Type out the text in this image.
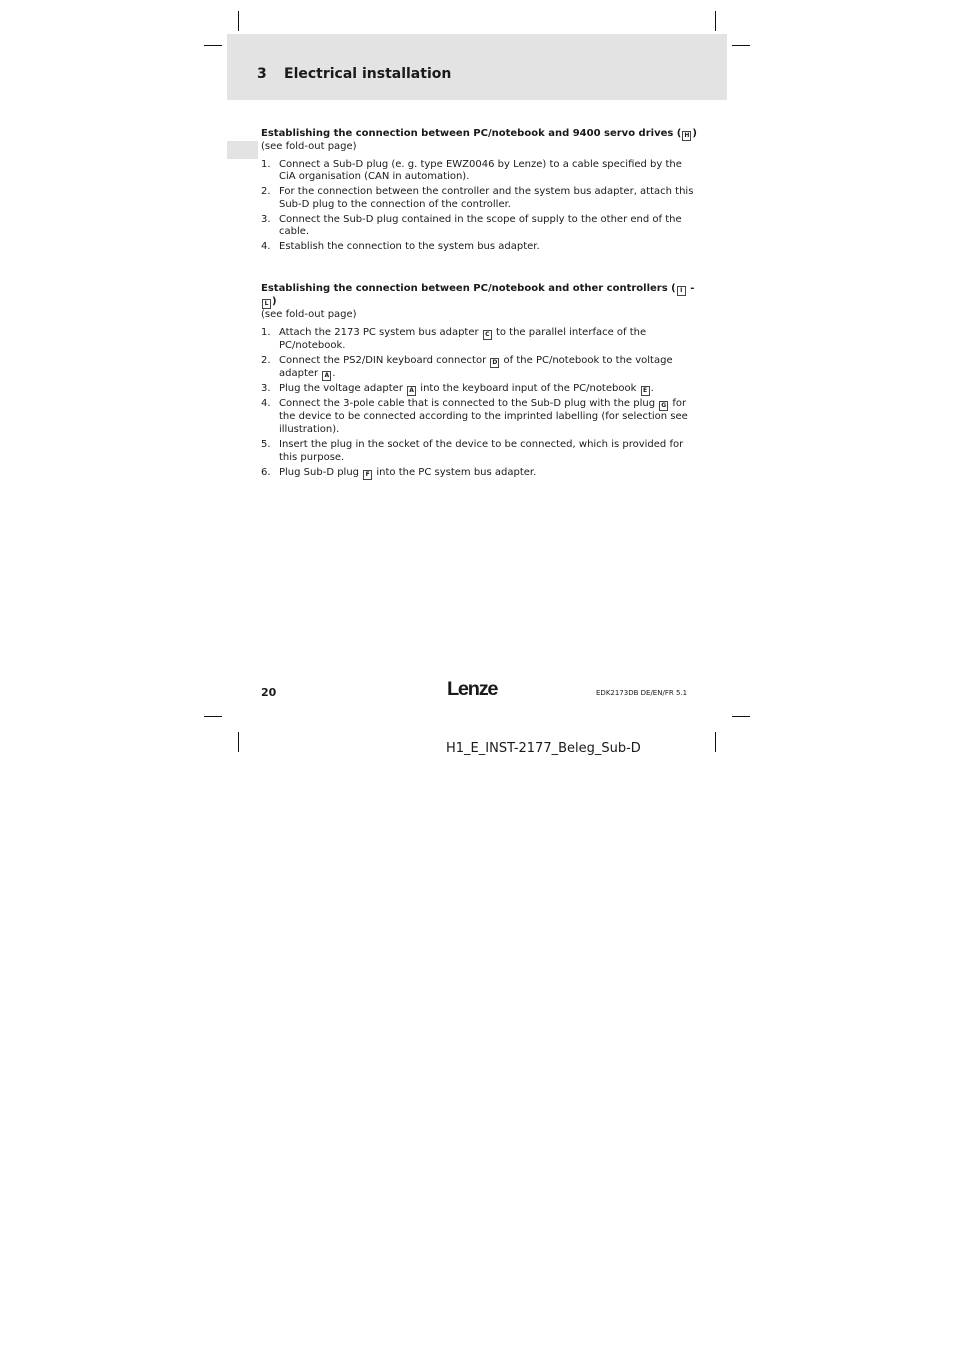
3 Electrical installation
Establishing the connection between PC/notebook and 9400 servo drives ( H )
(see fold-out page)
1. Connect a Sub-D plug (e. g. type EWZ0046 by Lenze) to a cable specified by the CiA organisation (CAN in automation).
2. For the connection between the controller and the system bus adapter, attach this Sub-D plug to the connection of the controller.
3. Connect the Sub-D plug contained in the scope of supply to the other end of the cable.
4. Establish the connection to the system bus adapter.
Establishing the connection between PC/notebook and other controllers ( I - L )
(see fold-out page)
1. Attach the 2173 PC system bus adapter C to the parallel interface of the PC/notebook.
2. Connect the PS2/DIN keyboard connector D of the PC/notebook to the voltage adapter A .
3. Plug the voltage adapter A into the keyboard input of the PC/notebook E .
4. Connect the 3-pole cable that is connected to the Sub-D plug with the plug G for the device to be connected according to the imprinted labelling (for selection see illustration).
5. Insert the plug in the socket of the device to be connected, which is provided for this purpose.
6. Plug Sub-D plug F into the PC system bus adapter.
20	Lenze	EDK2173DB DE/EN/FR 5.1
H1_E_INST-2177_Beleg_Sub-D
